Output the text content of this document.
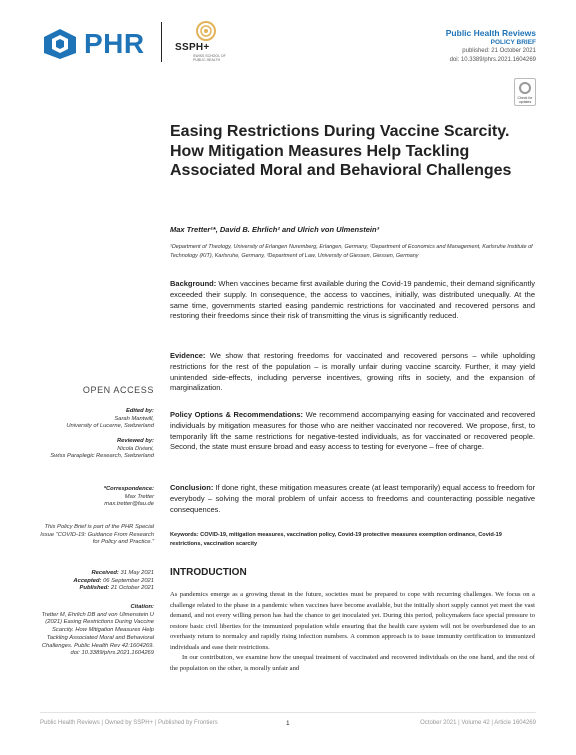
PHR	SSPH+
SWISS SCHOOL OF PUBLIC HEALTH
Public Health Reviews
POLICY BRIEF
published: 21 October 2021
doi: 10.3389/phrs.2021.1604269
Check for updates
Easing Restrictions During Vaccine Scarcity. How Mitigation Measures Help Tackling Associated Moral and Behavioral Challenges
Max Tretter¹*, David B. Ehrlich² and Ulrich von Ulmenstein³
¹Department of Theology, University of Erlangen Nuremberg, Erlangen, Germany, ²Department of Economics and Management, Karlsruhe Institute of Technology (KIT), Karlsruhe, Germany, ³Department of Law, University of Giessen, Giessen, Germany
Background: When vaccines became first available during the Covid-19 pandemic, their demand significantly exceeded their supply. In consequence, the access to vaccines, initially, was distributed unequally. At the same time, governments started easing pandemic restrictions for vaccinated and recovered persons and restoring their freedoms since their risk of transmitting the virus is significantly reduced.
Evidence: We show that restoring freedoms for vaccinated and recovered persons – while upholding restrictions for the rest of the population – is morally unfair during vaccine scarcity. Further, it may yield unintended side-effects, including perverse incentives, growing rifts in society, and the expansion of marginalization.
Policy Options & Recommendations: We recommend accompanying easing for vaccinated and recovered individuals by mitigation measures for those who are neither vaccinated nor recovered. We propose, first, to temporarily lift the same restrictions for negative-tested individuals, as for vaccinated or recovered people. Second, the state must ensure broad and easy access to testing for everyone – free of charge.
Conclusion: If done right, these mitigation measures create (at least temporarily) equal access to freedom for everybody – solving the moral problem of unfair access to freedoms and counteracting possible negative consequences.
Keywords: COVID-19, mitigation measures, vaccination policy, Covid-19 protective measures exemption ordinance, Covid-19 restrictions, vaccination scarcity
OPEN ACCESS
Edited by:
Sarah Mantwill,
University of Lucerne, Switzerland
Reviewed by:
Nicola Diviani,
Swiss Paraplegic Research, Switzerland
*Correspondence:
Max Tretter
max.tretter@fau.de
This Policy Brief is part of the PHR Special Issue “COVID-19: Guidance From Research for Policy and Practice.”
Received: 31 May 2021
Accepted: 06 September 2021
Published: 21 October 2021
Citation:
Tretter M, Ehrlich DB and von Ulmenstein U (2021) Easing Restrictions During Vaccine Scarcity. How Mitigation Measures Help Tackling Associated Moral and Behavioral Challenges. Public Health Rev 42:1604269. doi: 10.3389/phrs.2021.1604269
INTRODUCTION

As pandemics emerge as a growing threat in the future, societies must be prepared to cope with recurring challenges. We focus on a challenge related to the phase in a pandemic when vaccines have become available, but the initially short supply cannot yet meet the vast demand, and not every willing person has had the chance to get inoculated yet. During this period, policymakers face special pressure to restore basic civil liberties for the immunized population while ensuring that the health care system will not be overburdened due to an overhasty return to normalcy and rapidly rising infection numbers. A common approach is to issue immunity certification to immunized individuals and ease their restrictions.

In our contribution, we examine how the unequal treatment of vaccinated and recovered individuals on the one hand, and the rest of the population on the other, is morally unfair and

Public Health Reviews | Owned by SSPH+ | Published by Frontiers	1	October 2021 | Volume 42 | Article 1604269
